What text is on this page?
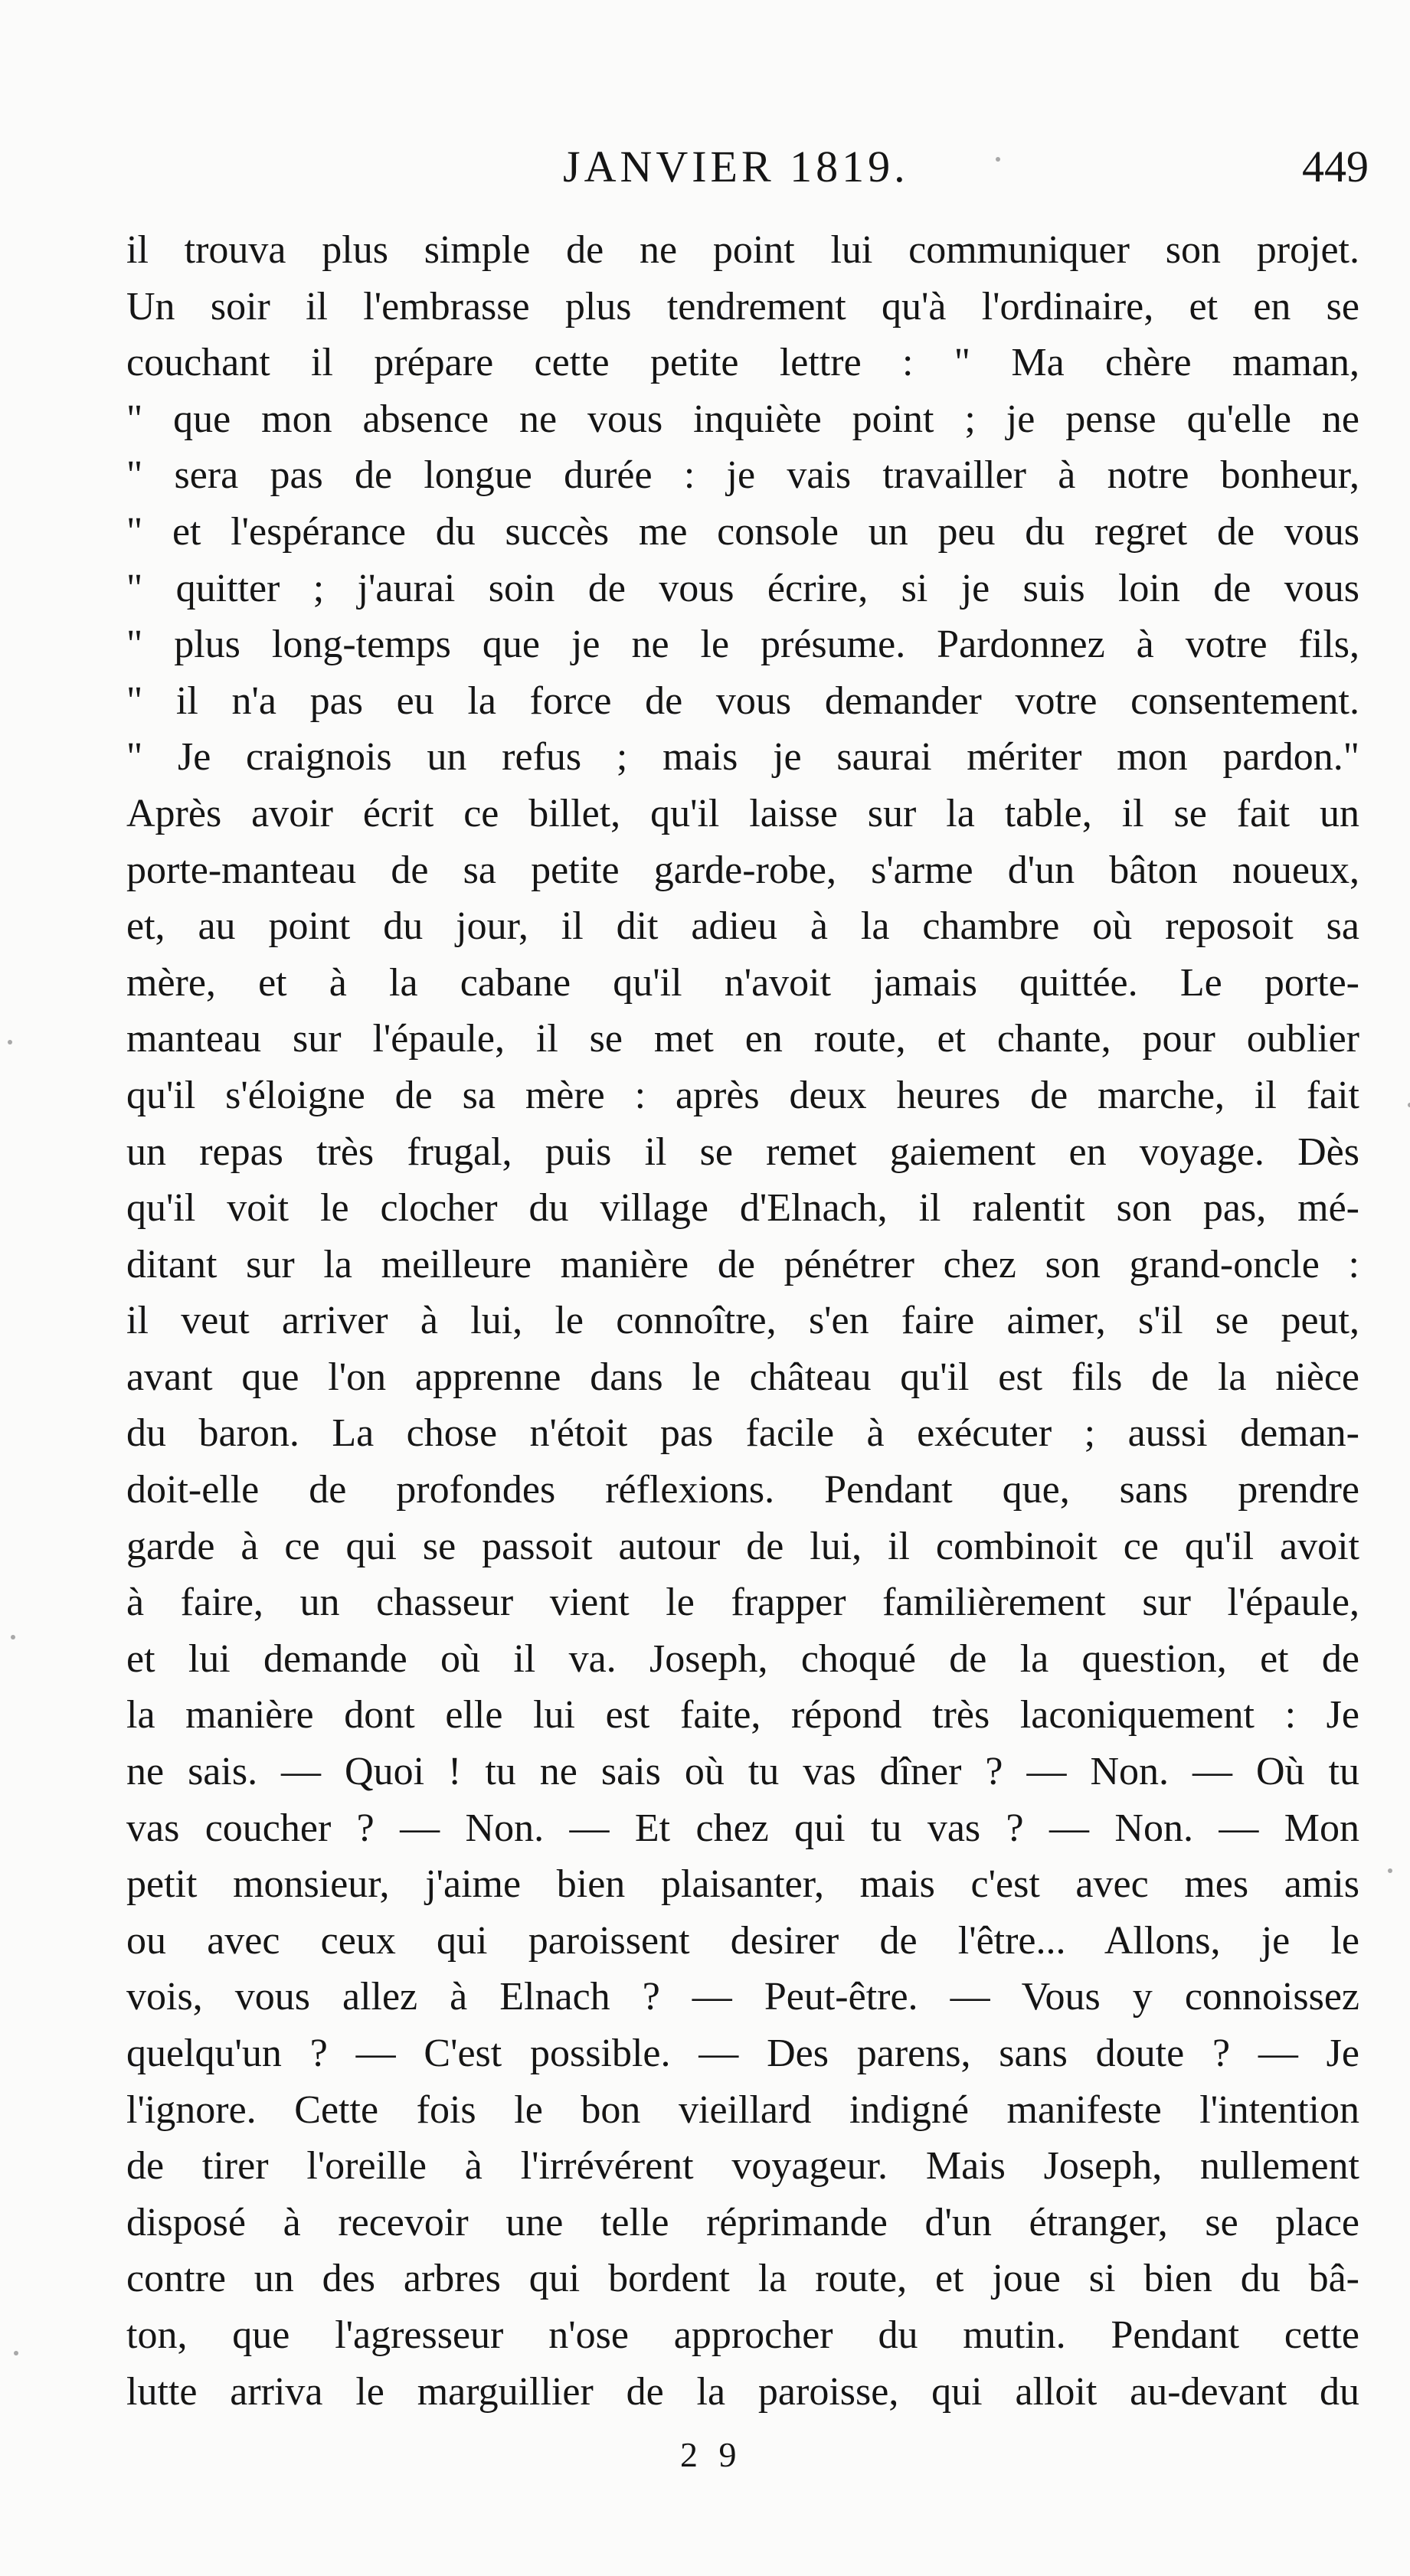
JANVIER 1819.	449
il trouva plus simple de ne point lui communiquer son projet.
Un soir il l'embrasse plus tendrement qu'à l'ordinaire, et en se
couchant il prépare cette petite lettre : " Ma chère maman,
" que mon absence ne vous inquiète point ; je pense qu'elle ne
" sera pas de longue durée : je vais travailler à notre bonheur,
" et l'espérance du succès me console un peu du regret de vous
" quitter ; j'aurai soin de vous écrire, si je suis loin de vous
" plus long-temps que je ne le présume. Pardonnez à votre fils,
" il n'a pas eu la force de vous demander votre consentement.
" Je craignois un refus ; mais je saurai mériter mon pardon."
Après avoir écrit ce billet, qu'il laisse sur la table, il se fait un
porte-manteau de sa petite garde-robe, s'arme d'un bâton noueux,
et, au point du jour, il dit adieu à la chambre où reposoit sa
mère, et à la cabane qu'il n'avoit jamais quittée. Le porte-
manteau sur l'épaule, il se met en route, et chante, pour oublier
qu'il s'éloigne de sa mère : après deux heures de marche, il fait
un repas très frugal, puis il se remet gaiement en voyage. Dès
qu'il voit le clocher du village d'Elnach, il ralentit son pas, mé-
ditant sur la meilleure manière de pénétrer chez son grand-oncle :
il veut arriver à lui, le connoître, s'en faire aimer, s'il se peut,
avant que l'on apprenne dans le château qu'il est fils de la nièce
du baron. La chose n'étoit pas facile à exécuter ; aussi deman-
doit-elle de profondes réflexions. Pendant que, sans prendre
garde à ce qui se passoit autour de lui, il combinoit ce qu'il avoit
à faire, un chasseur vient le frapper familièrement sur l'épaule,
et lui demande où il va. Joseph, choqué de la question, et de
la manière dont elle lui est faite, répond très laconiquement : Je
ne sais. — Quoi ! tu ne sais où tu vas dîner ? — Non. — Où tu
vas coucher ? — Non. — Et chez qui tu vas ? — Non. — Mon
petit monsieur, j'aime bien plaisanter, mais c'est avec mes amis
ou avec ceux qui paroissent desirer de l'être... Allons, je le
vois, vous allez à Elnach ? — Peut-être. — Vous y connoissez
quelqu'un ? — C'est possible. — Des parens, sans doute ? — Je
l'ignore. Cette fois le bon vieillard indigné manifeste l'intention
de tirer l'oreille à l'irrévérent voyageur. Mais Joseph, nullement
disposé à recevoir une telle réprimande d'un étranger, se place
contre un des arbres qui bordent la route, et joue si bien du bâ-
ton, que l'agresseur n'ose approcher du mutin. Pendant cette
lutte arriva le marguillier de la paroisse, qui alloit au-devant du
2 9
